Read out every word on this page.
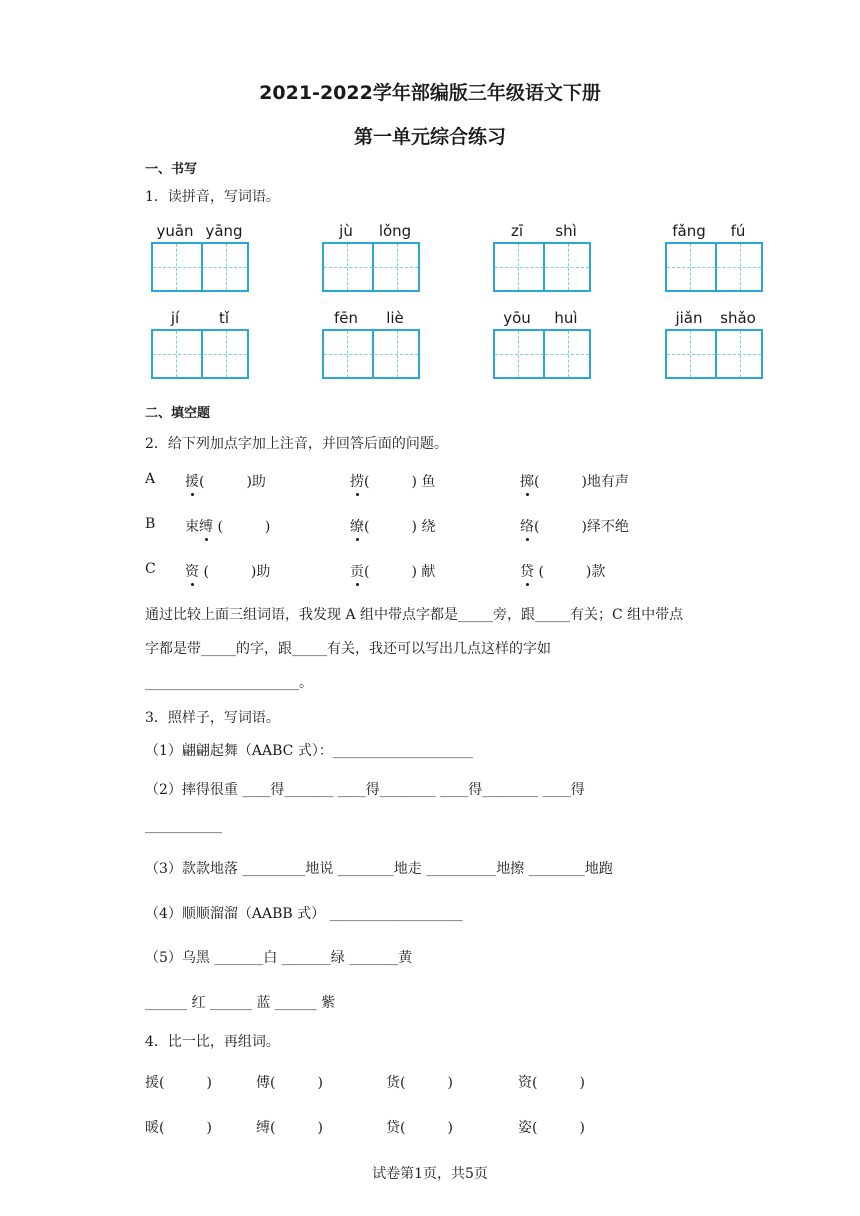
2021-2022学年部编版三年级语文下册
第一单元综合练习
一、书写
1．读拼音，写词语。
yuān yāng	jù	lǒng	zī	shì	fǎng	fú
jí	tǐ	fēn	liè	yōu	huì	jiǎn	shǎo
二、填空题
2．给下列加点字加上注音，并回答后面的问题。
A 援(　　　)助	捞(　　　) 鱼	掷(　　　)地有声
B 束缚 (　　　)	缭(　　　) 绕	络(　　　)绎不绝
C 资 (　　　)助	贡(　　　) 献	贷 (　　　)款
通过比较上面三组词语，我发现 A 组中带点字都是_____旁，跟_____有关；C 组中带点
字都是带_____的字，跟_____有关，我还可以写出几点这样的字如
______________________。
3．照样子，写词语。
（1）翩翩起舞（AABC 式）：____________________
（2）摔得很重 ____得_______ ____得________ ____得________ ____得
___________
（3）款款地落 _________地说 ________地走 __________地擦 ________地跑
（4）顺顺溜溜（AABB 式） ___________________
（5）乌黑 _______白 _______绿 _______黄
______ 红 ______ 蓝 ______ 紫
4．比一比，再组词。
援(　　　)	傅(　　　)	货(　　　)	资(　　　)
暖(　　　)	缚(　　　)	贷(　　　)	姿(　　　)
试卷第1页，共5页
